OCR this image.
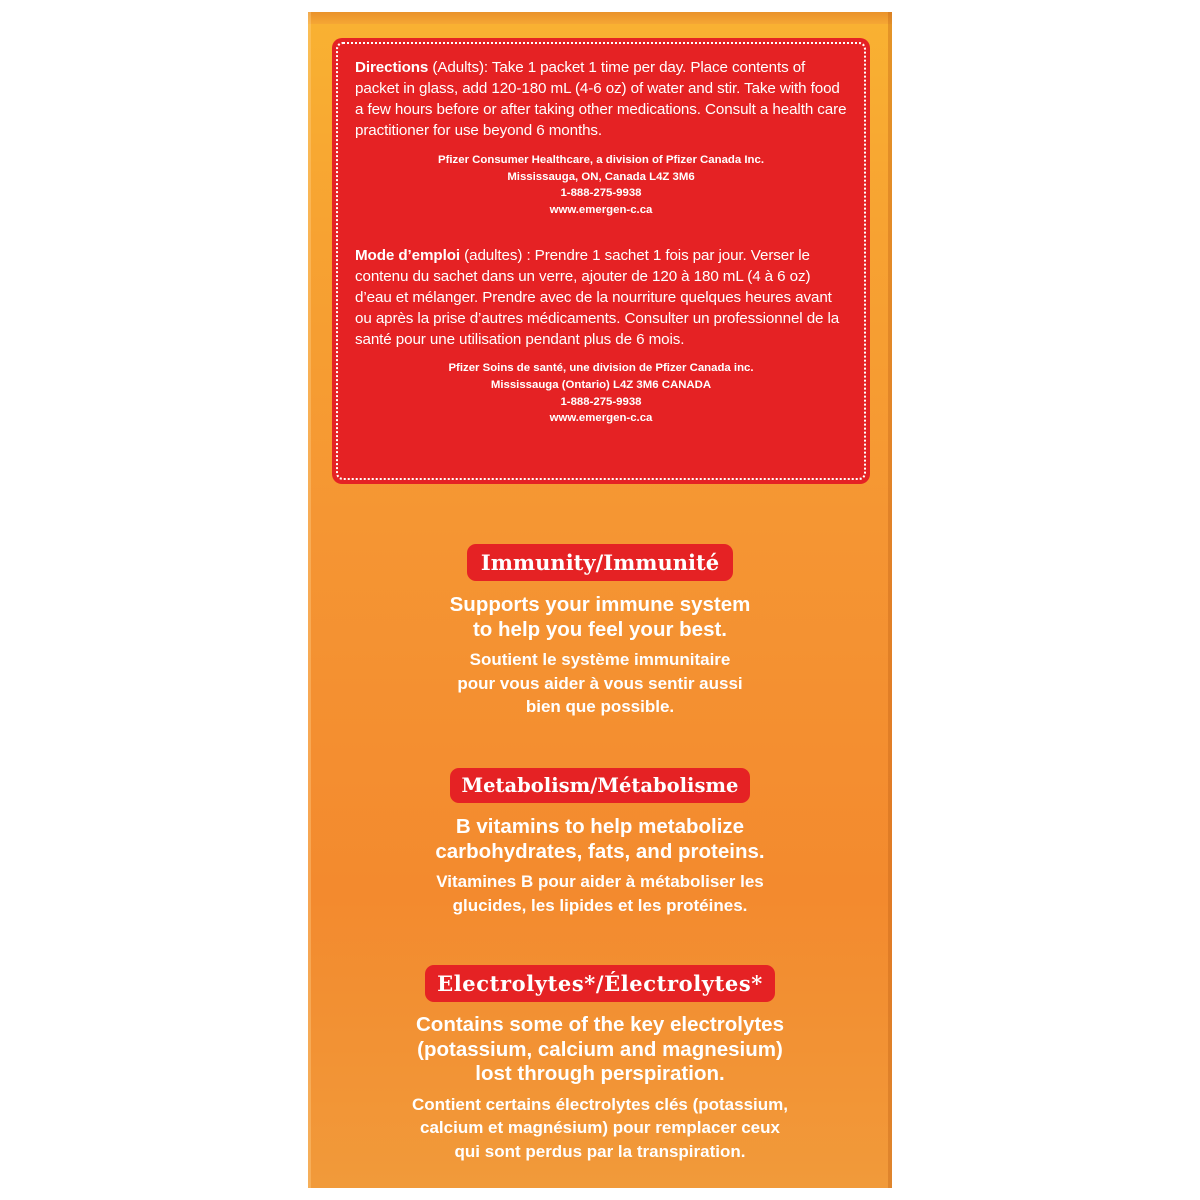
Directions (Adults): Take 1 packet 1 time per day. Place contents of packet in glass, add 120-180 mL (4-6 oz) of water and stir. Take with food a few hours before or after taking other medications. Consult a health care practitioner for use beyond 6 months.

Pfizer Consumer Healthcare, a division of Pfizer Canada Inc.
Mississauga, ON, Canada L4Z 3M6
1-888-275-9938
www.emergen-c.ca

Mode d’emploi (adultes) : Prendre 1 sachet 1 fois par jour. Verser le contenu du sachet dans un verre, ajouter de 120 à 180 mL (4 à 6 oz) d’eau et mélanger. Prendre avec de la nourriture quelques heures avant ou après la prise d’autres médicaments. Consulter un professionnel de la santé pour une utilisation pendant plus de 6 mois.

Pfizer Soins de santé, une division de Pfizer Canada inc.
Mississauga (Ontario) L4Z 3M6 CANADA
1-888-275-9938
www.emergen-c.ca
Immunity/Immunité

Supports your immune system
to help you feel your best.

Soutient le système immunitaire
pour vous aider à vous sentir aussi
bien que possible.

Metabolism/Métabolisme

B vitamins to help metabolize
carbohydrates, fats, and proteins.

Vitamines B pour aider à métaboliser les
glucides, les lipides et les protéines.

Electrolytes*/Électrolytes*

Contains some of the key electrolytes
(potassium, calcium and magnesium)
lost through perspiration.

Contient certains électrolytes clés (potassium,
calcium et magnésium) pour remplacer ceux
qui sont perdus par la transpiration.
